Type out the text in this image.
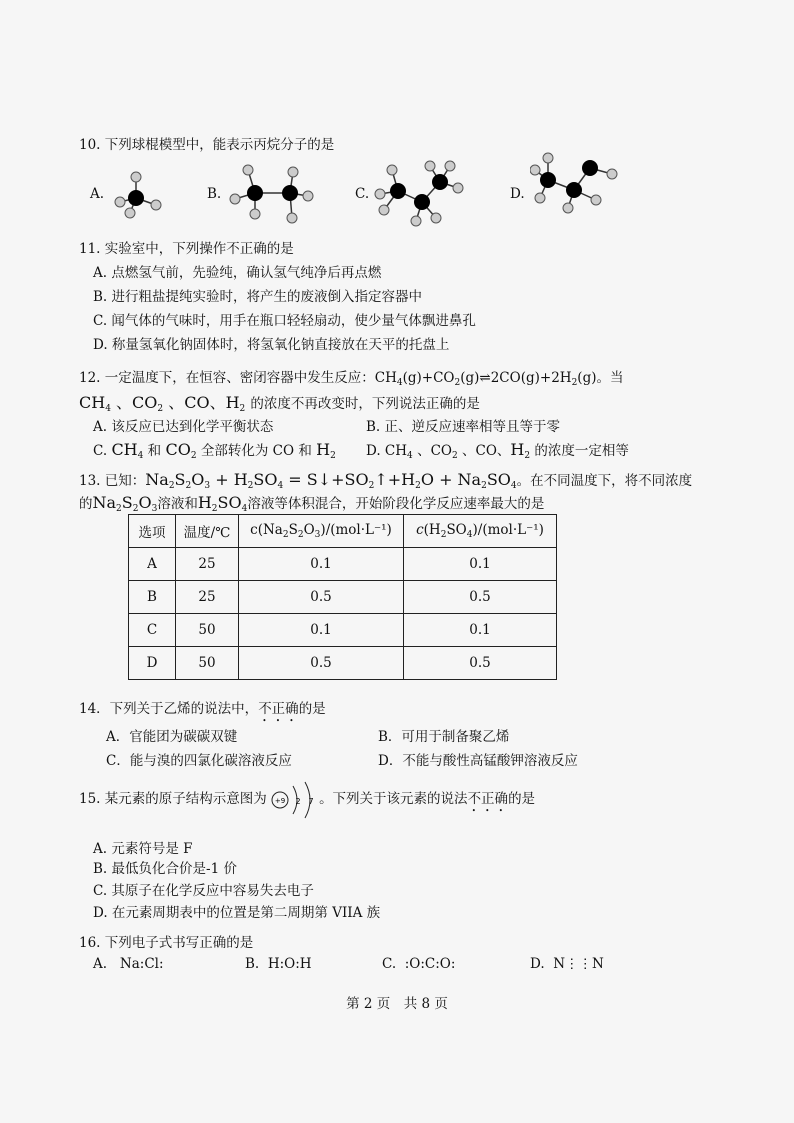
10. 下列球棍模型中，能表示丙烷分子的是
A.	B.	C.	D.
11. 实验室中，下列操作不正确的是
A. 点燃氢气前，先验纯，确认氢气纯净后再点燃
B. 进行粗盐提纯实验时，将产生的废液倒入指定容器中
C. 闻气体的气味时，用手在瓶口轻轻扇动，使少量气体飘进鼻孔
D. 称量氢氧化钠固体时，将氢氧化钠直接放在天平的托盘上
12. 一定温度下，在恒容、密闭容器中发生反应：$CH_4(g)+CO_2(g)\rightleftharpoons 2CO(g)+2H_2(g)$。当
$CH_4$ 、$CO_2$ 、CO、$H_2$ 的浓度不再改变时，下列说法正确的是
A. 该反应已达到化学平衡状态	B. 正、逆反应速率相等且等于零
C. $CH_4$ 和 $CO_2$ 全部转化为 CO 和 $H_2$ D. $CH_4$ 、$CO_2$ 、CO、$H_2$ 的浓度一定相等
13. 已知：$Na_2S_2O_3 + H_2SO_4$ = $S↓+SO_2↑+H_2O + Na_2SO_4$。在不同温度下，将不同浓度
的$Na_2S_2O_3$溶液和$H_2SO_4$溶液等体积混合，开始阶段化学反应速率最大的是
选项	温度/℃	$c(Na_2S_2O_3)/(mol\cdot L^{-1})$	$c(H_2SO_4)/(mol\cdot L^{-1})$
A	25	0.1	0.1
B	25	0.5	0.5
C	50	0.1	0.1
D	50	0.5	0.5
14．下列关于乙烯的说法中，不正确的是
A．官能团为碳碳双键	B．可用于制备聚乙烯
C．能与溴的四氯化碳溶液反应	D．不能与酸性高锰酸钾溶液反应
15. 某元素的原子结构示意图为 +9 2 7 。下列关于该元素的说法不正确的是
A. 元素符号是 F
B. 最低负化合价是-1 价
C. 其原子在化学反应中容易失去电子
D. 在元素周期表中的位置是第二周期第 VIIA 族
16. 下列电子式书写正确的是
A. Na:Cl:	B. H:O:H	C. :O:C:O:	D. N⋮⋮N
第 2 页　共 8 页
